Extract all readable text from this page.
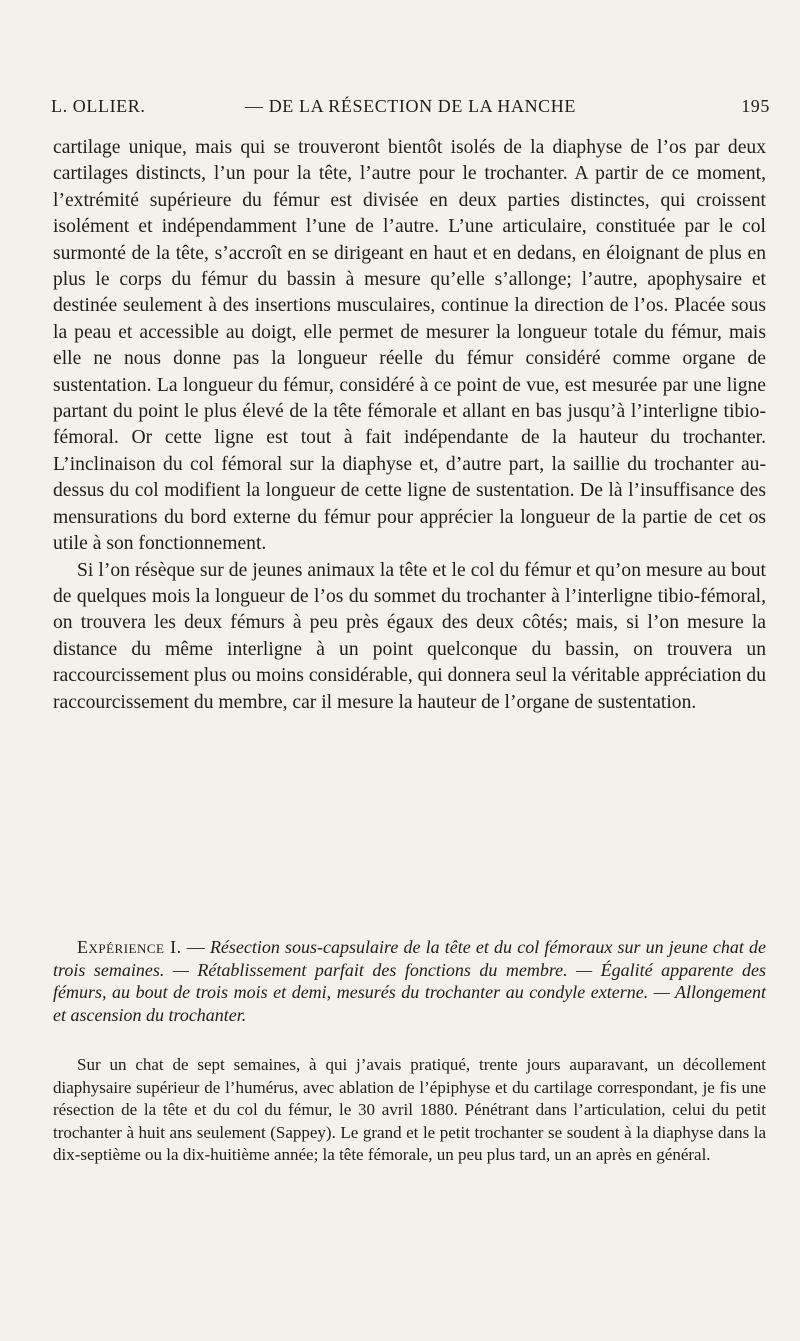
L. OLLIER.	— DE LA RÉSECTION DE LA HANCHE	195

cartilage unique, mais qui se trouveront bientôt isolés de la diaphyse de l’os par deux cartilages distincts, l’un pour la tête, l’autre pour le trochanter. A partir de ce moment, l’extrémité supérieure du fémur est divisée en deux parties distinctes, qui croissent isolément et indépendamment l’une de l’autre. L’une articulaire, constituée par le col surmonté de la tête, s’accroît en se dirigeant en haut et en dedans, en éloignant de plus en plus le corps du fémur du bassin à mesure qu’elle s’allonge; l’autre, apophysaire et destinée seulement à des insertions musculaires, continue la direction de l’os. Placée sous la peau et accessible au doigt, elle permet de mesurer la longueur totale du fémur, mais elle ne nous donne pas la longueur réelle du fémur considéré comme organe de sustentation. La longueur du fémur, considéré à ce point de vue, est mesurée par une ligne partant du point le plus élevé de la tête fémorale et allant en bas jusqu’à l’interligne tibio-fémoral. Or cette ligne est tout à fait indépendante de la hauteur du trochanter. L’inclinaison du col fémoral sur la diaphyse et, d’autre part, la saillie du trochanter au-dessus du col modifient la longueur de cette ligne de sustentation. De là l’insuffisance des mensurations du bord externe du fémur pour apprécier la longueur de la partie de cet os utile à son fonctionnement.

Si l’on résèque sur de jeunes animaux la tête et le col du fémur et qu’on mesure au bout de quelques mois la longueur de l’os du sommet du trochanter à l’interligne tibio-fémoral, on trouvera les deux fémurs à peu près égaux des deux côtés; mais, si l’on mesure la distance du même interligne à un point quelconque du bassin, on trouvera un raccourcissement plus ou moins considérable, qui donnera seul la véritable appréciation du raccourcissement du membre, car il mesure la hauteur de l’organe de sustentation.

Expérience I. — Résection sous-capsulaire de la tête et du col fémoraux sur un jeune chat de trois semaines. — Rétablissement parfait des fonctions du membre. — Égalité apparente des fémurs, au bout de trois mois et demi, mesurés du trochanter au condyle externe. — Allongement et ascension du trochanter.

Sur un chat de sept semaines, à qui j’avais pratiqué, trente jours auparavant, un décollement diaphysaire supérieur de l’humérus, avec ablation de l’épiphyse et du cartilage correspondant, je fis une résection de la tête et du col du fémur, le 30 avril 1880. Pénétrant dans l’articulation, celui du petit trochanter à huit ans seulement (Sappey). Le grand et le petit trochanter se soudent à la diaphyse dans la dix-septième ou la dix-huitième année; la tête fémorale, un peu plus tard, un an après en général.
